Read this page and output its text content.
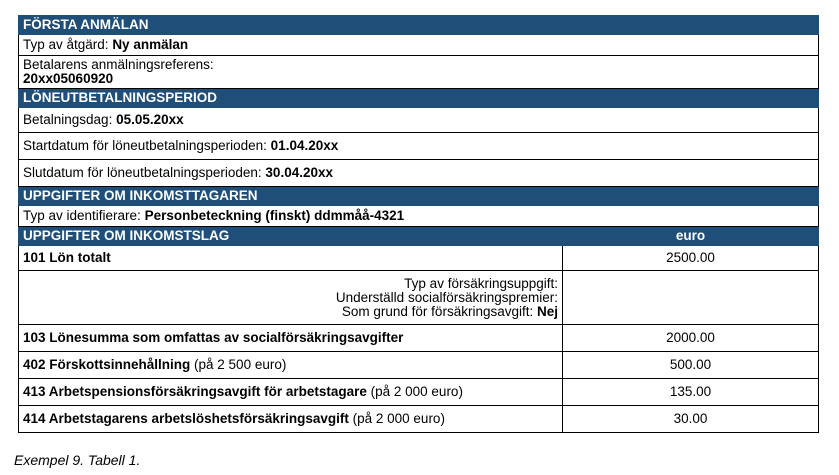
FÖRSTA ANMÄLAN	
Typ av åtgärd: Ny anmälan	

Betalarens anmälningsreferens:
20xx05060920	

LÖNEUTBETALNINGSPERIOD	
Betalningsdag: 05.05.20xx	
Startdatum för löneutbetalningsperioden: 01.04.20xx	
Slutdatum för löneutbetalningsperioden: 30.04.20xx	
UPPGIFTER OM INKOMSTTAGAREN	
Typ av identifierare: Personbeteckning (finskt) ddmmåå-4321	
UPPGIFTER OM INKOMSTSLAG	euro
101 Lön totalt	2500.00

Typ av försäkringsuppgift:
Underställd socialförsäkringspremier:
Som grund för försäkringsavgift: Nej	

103 Lönesumma som omfattas av socialförsäkringsavgifter	2000.00
402 Förskottsinnehållning (på 2 500 euro)	500.00
413 Arbetspensionsförsäkringsavgift för arbetstagare (på 2 000 euro)	135.00
414 Arbetstagarens arbetslöshetsförsäkringsavgift (på 2 000 euro)	30.00
Exempel 9. Tabell 1.
